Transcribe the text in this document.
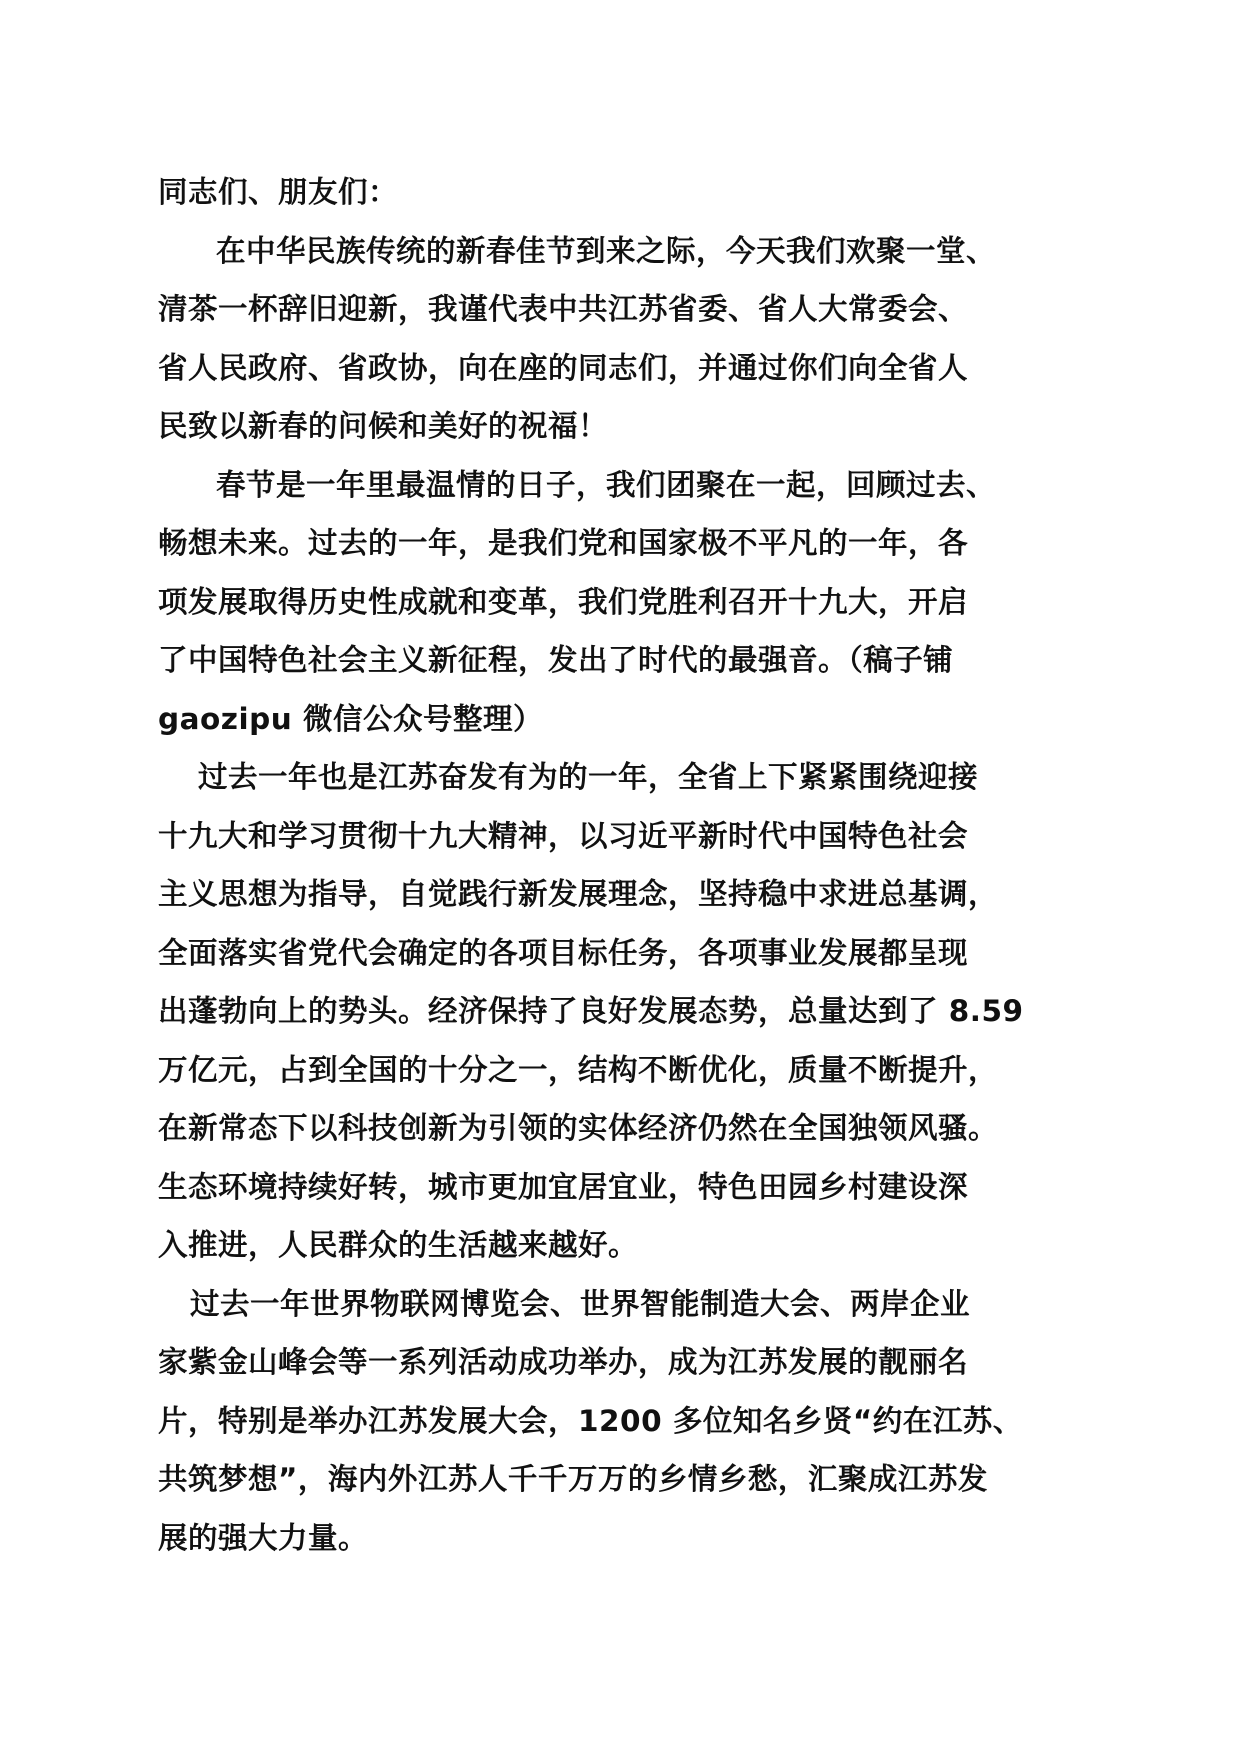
同志们、朋友们：
在中华民族传统的新春佳节到来之际，今天我们欢聚一堂、
清茶一杯辞旧迎新，我谨代表中共江苏省委、省人大常委会、
省人民政府、省政协，向在座的同志们，并通过你们向全省人
民致以新春的问候和美好的祝福！
春节是一年里最温情的日子，我们团聚在一起，回顾过去、
畅想未来。过去的一年，是我们党和国家极不平凡的一年，各
项发展取得历史性成就和变革，我们党胜利召开十九大，开启
了中国特色社会主义新征程，发出了时代的最强音。（稿子铺
gaozipu 微信公众号整理）
过去一年也是江苏奋发有为的一年，全省上下紧紧围绕迎接
十九大和学习贯彻十九大精神，以习近平新时代中国特色社会
主义思想为指导，自觉践行新发展理念，坚持稳中求进总基调，
全面落实省党代会确定的各项目标任务，各项事业发展都呈现
出蓬勃向上的势头。经济保持了良好发展态势，总量达到了 8.59
万亿元，占到全国的十分之一，结构不断优化，质量不断提升，
在新常态下以科技创新为引领的实体经济仍然在全国独领风骚。
生态环境持续好转，城市更加宜居宜业，特色田园乡村建设深
入推进，人民群众的生活越来越好。
过去一年世界物联网博览会、世界智能制造大会、两岸企业
家紫金山峰会等一系列活动成功举办，成为江苏发展的靓丽名
片，特别是举办江苏发展大会，1200 多位知名乡贤“约在江苏、
共筑梦想”，海内外江苏人千千万万的乡情乡愁，汇聚成江苏发
展的强大力量。
